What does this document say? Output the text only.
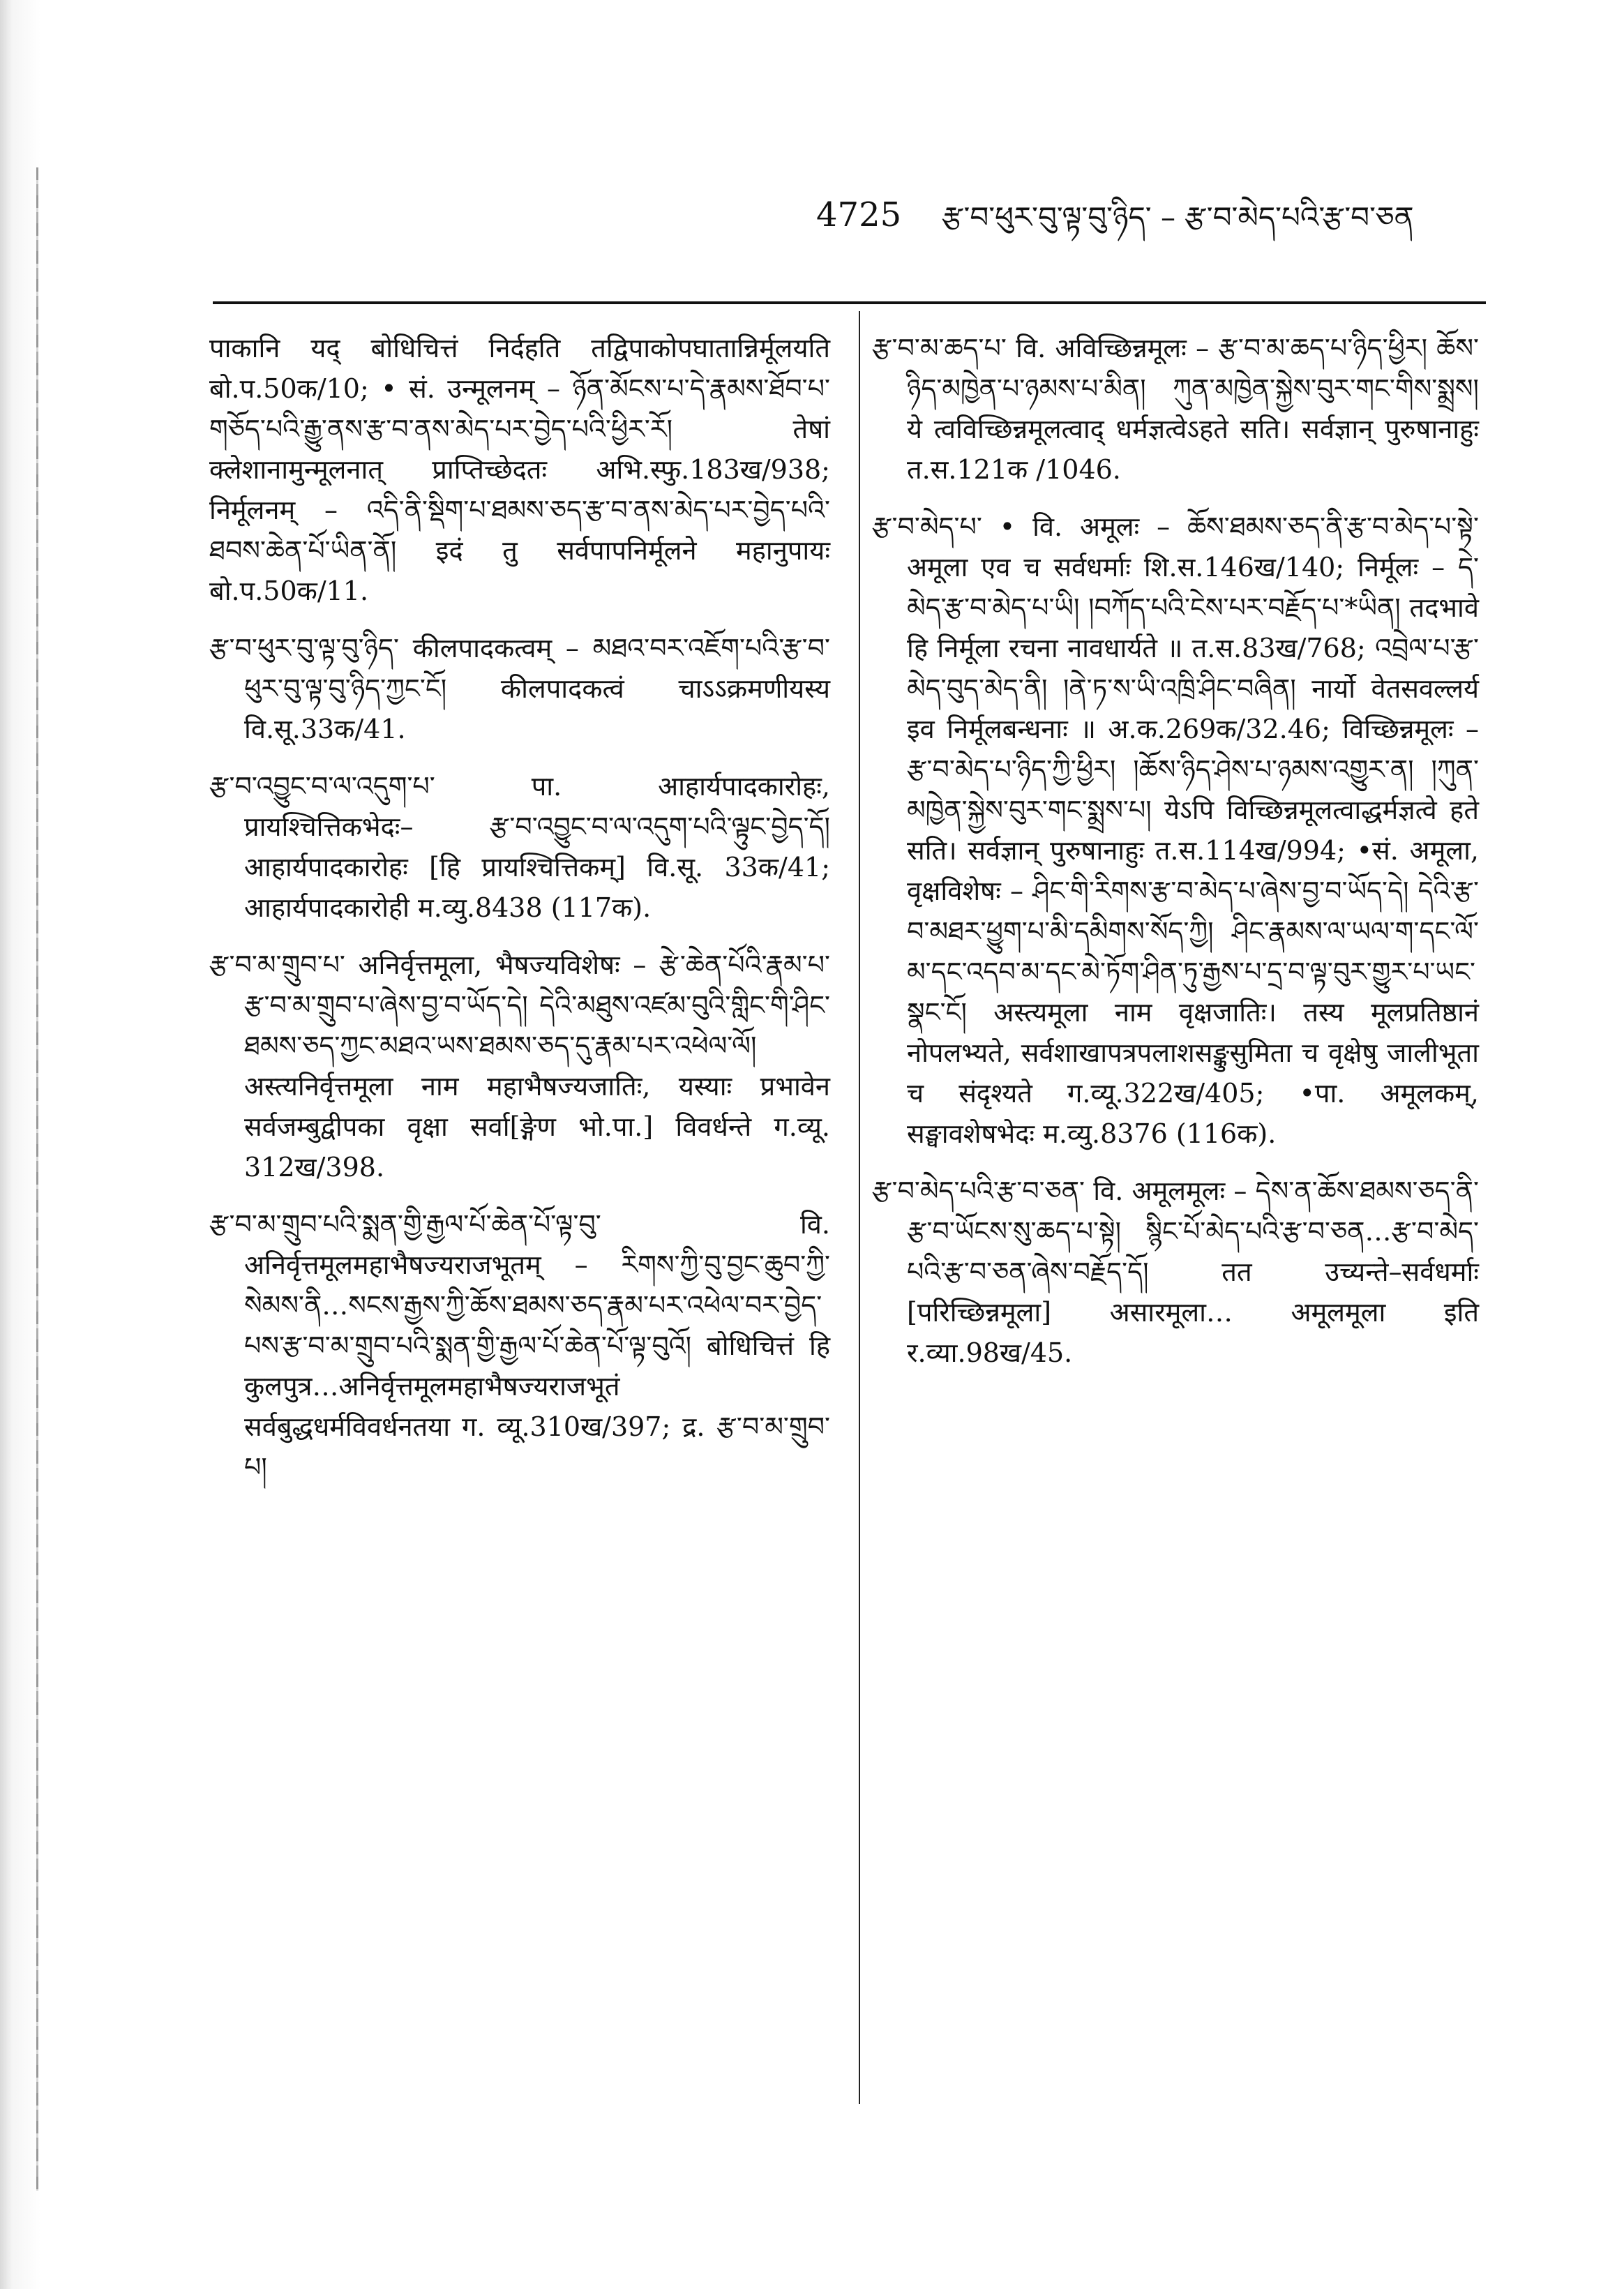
4725 རྩ་བ་ཕུར་བུ་ལྟ་བུ་ཉིད་ – རྩ་བ་མེད་པའི་རྩ་བ་ཅན

पाकानि यद् बोधिचित्तं निर्दहति तद्विपाकोपघातान्निर्मूलयति बो.प.50क/10; • सं. उन्मूलनम् – ཉོན་མོངས་པ་དེ་རྣམས་ཐོབ་པ་གཅོད་པའི་རྒྱུ་ནས་རྩ་བ་ནས་མེད་པར་བྱེད་པའི་ཕྱིར་རོ། तेषां क्लेशानामुन्मूलनात् प्राप्तिच्छेदतः अभि.स्फु.183ख/938; निर्मूलनम् – འདི་ནི་སྡིག་པ་ཐམས་ཅད་རྩ་བ་ནས་མེད་པར་བྱེད་པའི་ཐབས་ཆེན་པོ་ཡིན་ནོ། इदं तु सर्वपापनिर्मूलने महानुपायः बो.प.50क/11.

རྩ་བ་ཕུར་བུ་ལྟ་བུ་ཉིད་ कीलपादकत्वम् – མཐའ་བར་འཇོག་པའི་རྩ་བ་ཕུར་བུ་ལྟ་བུ་ཉིད་ཀྱང་ངོ། कीलपादकत्वं चाऽऽक्रमणीयस्य वि.सू.33क/41.

རྩ་བ་འབྱུང་བ་ལ་འདུག་པ་ पा. आहार्यपादकारोहः, प्रायश्चित्तिकभेदः– རྩ་བ་འབྱུང་བ་ལ་འདུག་པའི་ལྟུང་བྱེད་དོ། आहार्यपादकारोहः [हि प्रायश्चित्तिकम्] वि.सू. 33क/41; आहार्यपादकारोही म.व्यु.8438 (117क).

རྩ་བ་མ་གྲུབ་པ་ अनिर्वृत्तमूला, भैषज्यविशेषः – རྩེ་ཆེན་པོའི་རྣམ་པ་རྩ་བ་མ་གྲུབ་པ་ཞེས་བྱ་བ་ཡོད་དེ། དེའི་མཐུས་འཛམ་བུའི་གླིང་གི་ཤིང་ཐམས་ཅད་ཀྱང་མཐའ་ཡས་ཐམས་ཅད་དུ་རྣམ་པར་འཕེལ་ལོ། अस्त्यनिर्वृत्तमूला नाम महाभैषज्यजातिः, यस्याः प्रभावेन सर्वजम्बुद्वीपका वृक्षा सर्वा[ङ्गेण भो.पा.] विवर्धन्ते ग.व्यू. 312ख/398.

རྩ་བ་མ་གྲུབ་པའི་སྨན་གྱི་རྒྱལ་པོ་ཆེན་པོ་ལྟ་བུ་ वि. अनिर्वृत्तमूलमहाभैषज्यराजभूतम् – རིགས་ཀྱི་བུ་བྱང་ཆུབ་ཀྱི་སེམས་ནི…སངས་རྒྱས་ཀྱི་ཆོས་ཐམས་ཅད་རྣམ་པར་འཕེལ་བར་བྱེད་པས་རྩ་བ་མ་གྲུབ་པའི་སྨན་གྱི་རྒྱལ་པོ་ཆེན་པོ་ལྟ་བུའོ། बोधिचित्तं हि कुलपुत्र…अनिर्वृत्तमूलमहाभैषज्यराजभूतं सर्वबुद्धधर्मविवर्धनतया ग. व्यू.310ख/397; द्र. རྩ་བ་མ་གྲུབ་པ།

རྩ་བ་མ་ཆད་པ་ वि. अविच्छिन्नमूलः – རྩ་བ་མ་ཆད་པ་ཉིད་ཕྱིར། ཆོས་ཉིད་མཁྱེན་པ་ཉམས་པ་མིན། ཀུན་མཁྱེན་སྐྱེས་བུར་གང་གིས་སྨྲས། ये त्वविच्छिन्नमूलत्वाद् धर्मज्ञत्वेऽहते सति। सर्वज्ञान् पुरुषानाहुः त.स.121क /1046.

རྩ་བ་མེད་པ་ • वि. अमूलः – ཆོས་ཐམས་ཅད་ནི་རྩ་བ་མེད་པ་སྟེ་ अमूला एव च सर्वधर्माः शि.स.146ख/140; निर्मूलः – དེ་མེད་རྩ་བ་མེད་པ་ཡི། །བཀོད་པའི་ངེས་པར་བརྗོད་པ་*ཡིན། तदभावे हि निर्मूला रचना नावधार्यते ॥ त.स.83ख/768; འབྲེལ་པ་རྩ་མེད་བུད་མེད་ནི། །ནེ་ཏ་ས་ཡི་འཁྲི་ཤིང་བཞིན། नार्यो वेतसवल्लर्य इव निर्मूलबन्धनाः ॥ अ.क.269क/32.46; विच्छिन्नमूलः – རྩ་བ་མེད་པ་ཉིད་ཀྱི་ཕྱིར། །ཆོས་ཉིད་ཤེས་པ་ཉམས་འགྱུར་ན། །ཀུན་མཁྱེན་སྐྱེས་བུར་གང་སྨྲས་པ། येऽपि विच्छिन्नमूलत्वाद्धर्मज्ञत्वे हते सति। सर्वज्ञान् पुरुषानाहुः त.स.114ख/994; •सं. अमूला, वृक्षविशेषः – ཤིང་གི་རིགས་རྩ་བ་མེད་པ་ཞེས་བྱ་བ་ཡོད་དེ། དེའི་རྩ་བ་མཐར་ཕྱུག་པ་མི་དམིགས་སོད་ཀྱི། ཤིང་རྣམས་ལ་ཡལ་ག་དང་ལོ་མ་དང་འདབ་མ་དང་མེ་ཏོག་ཤིན་ཏུ་རྒྱས་པ་དྲ་བ་ལྟ་བུར་གྱུར་པ་ཡང་སྣང་ངོ། अस्त्यमूला नाम वृक्षजातिः। तस्य मूलप्रतिष्ठानं नोपलभ्यते, सर्वशाखापत्रपलाशसङ्कुसुमिता च वृक्षेषु जालीभूता च संदृश्यते ग.व्यू.322ख/405; •पा. अमूलकम्, सङ्घावशेषभेदः म.व्यु.8376 (116क).

རྩ་བ་མེད་པའི་རྩ་བ་ཅན་ वि. अमूलमूलः – དེས་ན་ཆོས་ཐམས་ཅད་ནི་རྩ་བ་ཡོངས་སུ་ཆད་པ་སྟེ། སྙིང་པོ་མེད་པའི་རྩ་བ་ཅན…རྩ་བ་མེད་པའི་རྩ་བ་ཅན་ཞེས་བརྗོད་དོ། तत उच्यन्ते–सर्वधर्माः [परिच्छिन्नमूला] असारमूला… अमूलमूला इति र.व्या.98ख/45.
